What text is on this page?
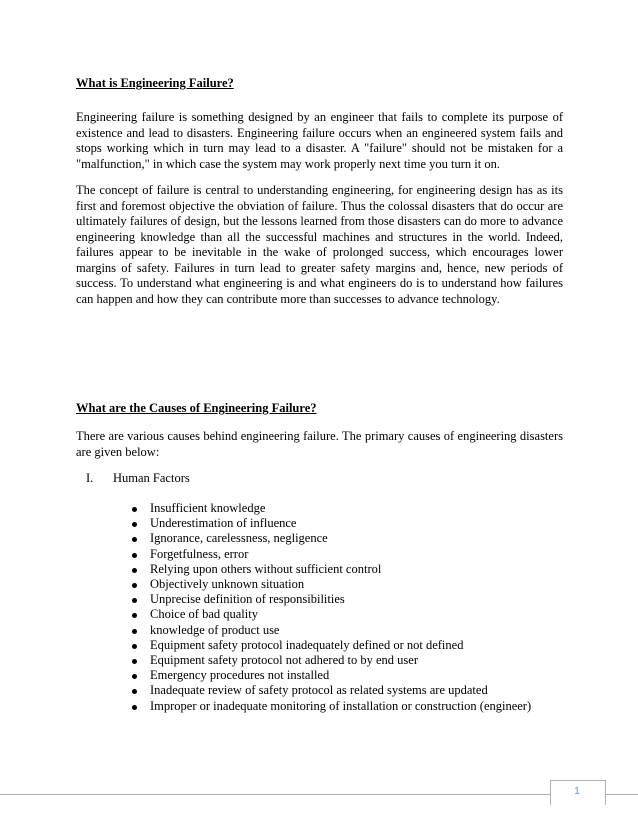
What is Engineering Failure?

Engineering failure is something designed by an engineer that fails to complete its purpose of existence and lead to disasters. Engineering failure occurs when an engineered system fails and stops working which in turn may lead to a disaster. A "failure" should not be mistaken for a "malfunction," in which case the system may work properly next time you turn it on.

The concept of failure is central to understanding engineering, for engineering design has as its first and foremost objective the obviation of failure. Thus the colossal disasters that do occur are ultimately failures of design, but the lessons learned from those disasters can do more to advance engineering knowledge than all the successful machines and structures in the world. Indeed, failures appear to be inevitable in the wake of prolonged success, which encourages lower margins of safety. Failures in turn lead to greater safety margins and, hence, new periods of success. To understand what engineering is and what engineers do is to understand how failures can happen and how they can contribute more than successes to advance technology.

What are the Causes of Engineering Failure?

There are various causes behind engineering failure. The primary causes of engineering disasters are given below:

I. Human Factors
Insufficient knowledge
Underestimation of influence
Ignorance, carelessness, negligence
Forgetfulness, error
Relying upon others without sufficient control
Objectively unknown situation
Unprecise definition of responsibilities
Choice of bad quality
knowledge of product use
Equipment safety protocol inadequately defined or not defined
Equipment safety protocol not adhered to by end user
Emergency procedures not installed
Inadequate review of safety protocol as related systems are updated
Improper or inadequate monitoring of installation or construction (engineer)
1
